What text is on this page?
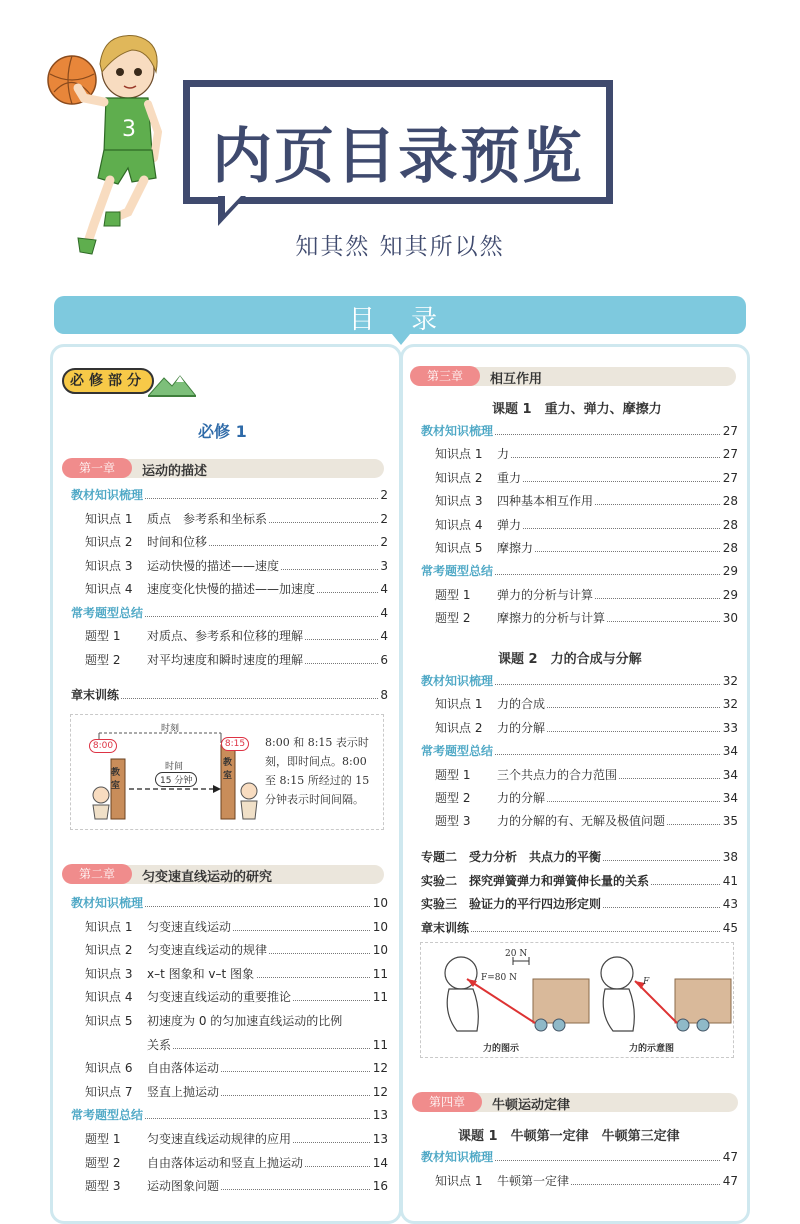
3	内页目录预览
知其然 知其所以然
目 录
必修部分
必修 1
第一章	运动的描述
教材知识梳理	2
知识点 1 质点　参考系和坐标系	2
知识点 2 时间和位移	2
知识点 3 运动快慢的描述——速度	3
知识点 4 速度变化快慢的描述——加速度	4
常考题型总结	4
题型 1 对质点、参考系和位移的理解	4
题型 2 对平均速度和瞬时速度的理解	6
章末训练	8
时刻
8:00	8:15
时间
15 分钟
教室
教室
8:00 和 8:15 表示时刻，即时间点。8:00 至 8:15 所经过的 15 分钟表示时间间隔。
第二章	匀变速直线运动的研究
教材知识梳理	10
知识点 1 匀变速直线运动	10
知识点 2 匀变速直线运动的规律	10
知识点 3 x–t 图象和 v–t 图象	11
知识点 4 匀变速直线运动的重要推论	11
知识点 5 初速度为 0 的匀加速直线运动的比例
关系	11
知识点 6 自由落体运动	12
知识点 7 竖直上抛运动	12
常考题型总结	13
题型 1 匀变速直线运动规律的应用	13
题型 2 自由落体运动和竖直上抛运动	14
题型 3 运动图象问题	16
第三章	相互作用
课题 1　重力、弹力、摩擦力
教材知识梳理	27
知识点 1 力	27
知识点 2 重力	27
知识点 3 四种基本相互作用	28
知识点 4 弹力	28
知识点 5 摩擦力	28
常考题型总结	29
题型 1 弹力的分析与计算	29
题型 2 摩擦力的分析与计算	30
课题 2　力的合成与分解
教材知识梳理	32
知识点 1 力的合成	32
知识点 2 力的分解	33
常考题型总结	34
题型 1 三个共点力的合力范围	34
题型 2 力的分解	34
题型 3 力的分解的有、无解及极值问题	35
专题二　受力分析　共点力的平衡	38
实验二　探究弹簧弹力和弹簧伸长量的关系	41
实验三　验证力的平行四边形定则	43
章末训练	45
20 N
F=80 N	F
力的图示	力的示意图
第四章	牛顿运动定律
课题 1　牛顿第一定律　牛顿第三定律
教材知识梳理	47
知识点 1 牛顿第一定律	47
